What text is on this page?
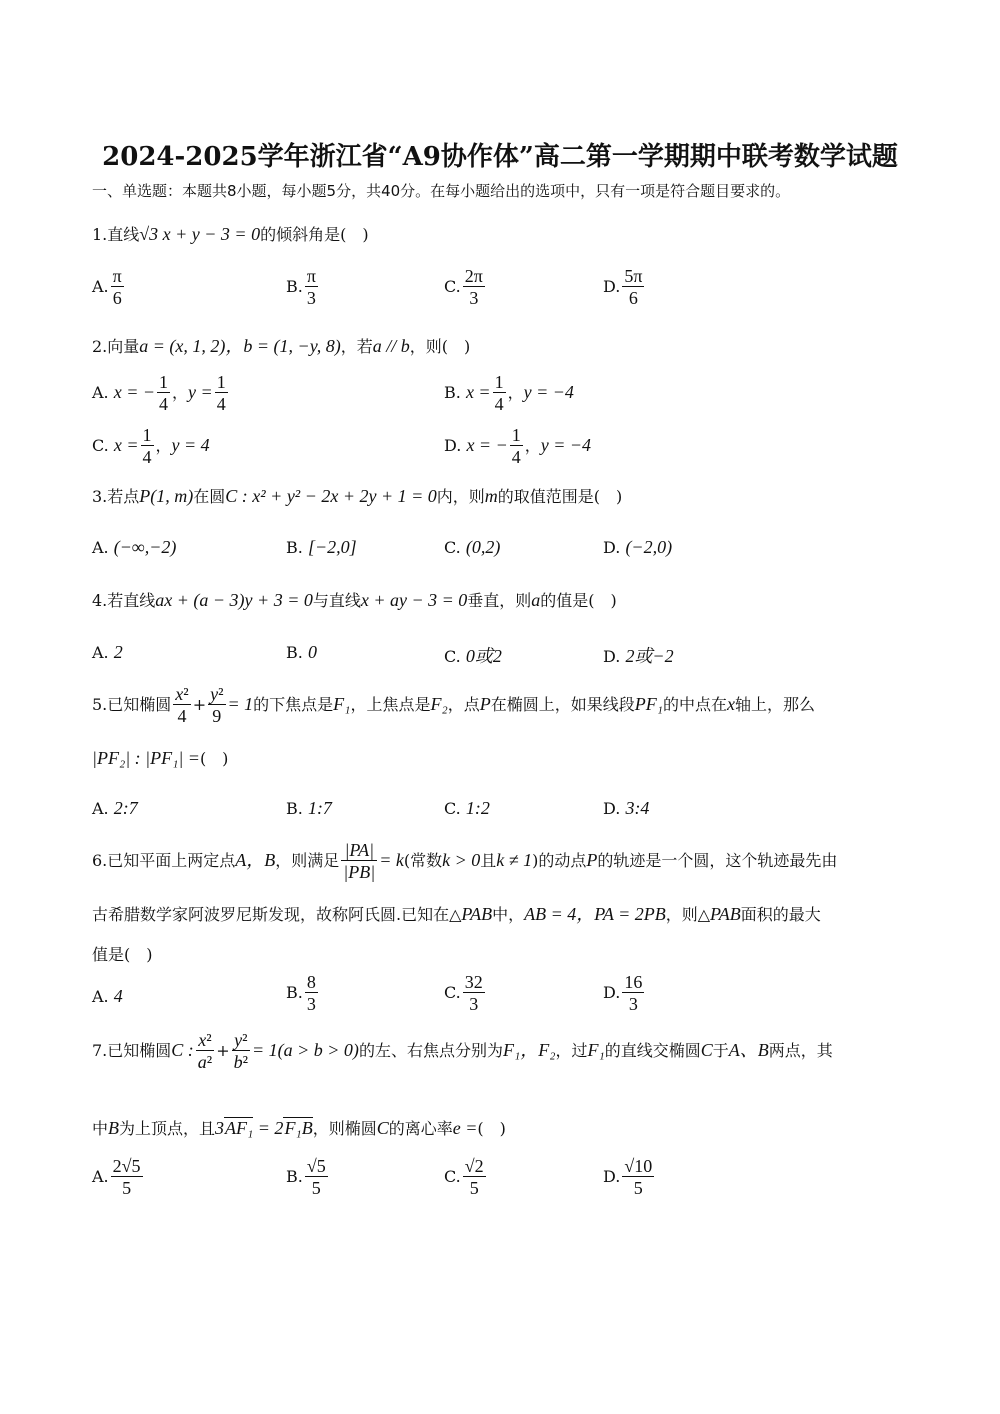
2024-2025学年浙江省“A9协作体”高二第一学期期中联考数学试题
一、单选题：本题共8小题，每小题5分，共40分。在每小题给出的选项中，只有一项是符合题目要求的。
1.直线√3 x + y − 3 = 0的倾斜角是(　)
A. $\frac{\pi}{6}$	B. $\frac{\pi}{3}$	C. $\frac{2\pi}{3}$	D. $\frac{5\pi}{6}$
2.向量a = (x, 1, 2)，b = (1, −y, 8)，若a // b，则(　)
A. x = − $\frac{1}{4}$ ，$y = \frac{1}{4}$	B. $x = \frac{1}{4}$ ，y = −4
C. $x = \frac{1}{4}$ ，y = 4	D. x = − $\frac{1}{4}$ ，y = −4
3.若点P(1, m)在圆C : x² + y² − 2x + 2y + 1 = 0内，则m的取值范围是(　)
A. (−∞,−2)	B. [−2,0]	C. (0,2)	D. (−2,0)
4.若直线ax + (a − 3)y + 3 = 0与直线x + ay − 3 = 0垂直，则a的值是(　)
A. 2	B. 0	C. 0或2	D. 2或−2
5.已知椭圆 $\frac{\text{x²}}{4} + \frac{\text{y²}}{9} = 1$的下焦点是F₁，上焦点是F₂，点P在椭圆上，如果线段PF₁的中点在x轴上，那么
|PF₂| : |PF₁| =(　)
A. 2:7	B. 1:7	C. 1:2	D. 3:4
6.已知平面上两定点A，B，则满足 $\frac{|PA|}{|PB|} = k$(常数k > 0且k ≠ 1)的动点P的轨迹是一个圆，这个轨迹最先由
古希腊数学家阿波罗尼斯发现，故称阿氏圆.已知在△PAB中，AB = 4，PA = 2PB，则△PAB面积的最大
值是(　)
A. 4	B. $\frac{8}{3}$	C. $\frac{32}{3}$	D. $\frac{16}{3}$
7.已知椭圆C : $\frac{\text{x²}}{\text{a²}} + \frac{\text{y²}}{\text{b²}} = 1(a > b > 0)$的左、右焦点分别为F₁，F₂，过F₁的直线交椭圆C于A、B两点，其
中B为上顶点，且3AF₁ = 2F₁B，则椭圆C的离心率e =(　)
A. $\frac{2√5}{5}$	B. $\frac{√5}{5}$	C. $\frac{√2}{5}$	D. $\frac{√10}{5}$
